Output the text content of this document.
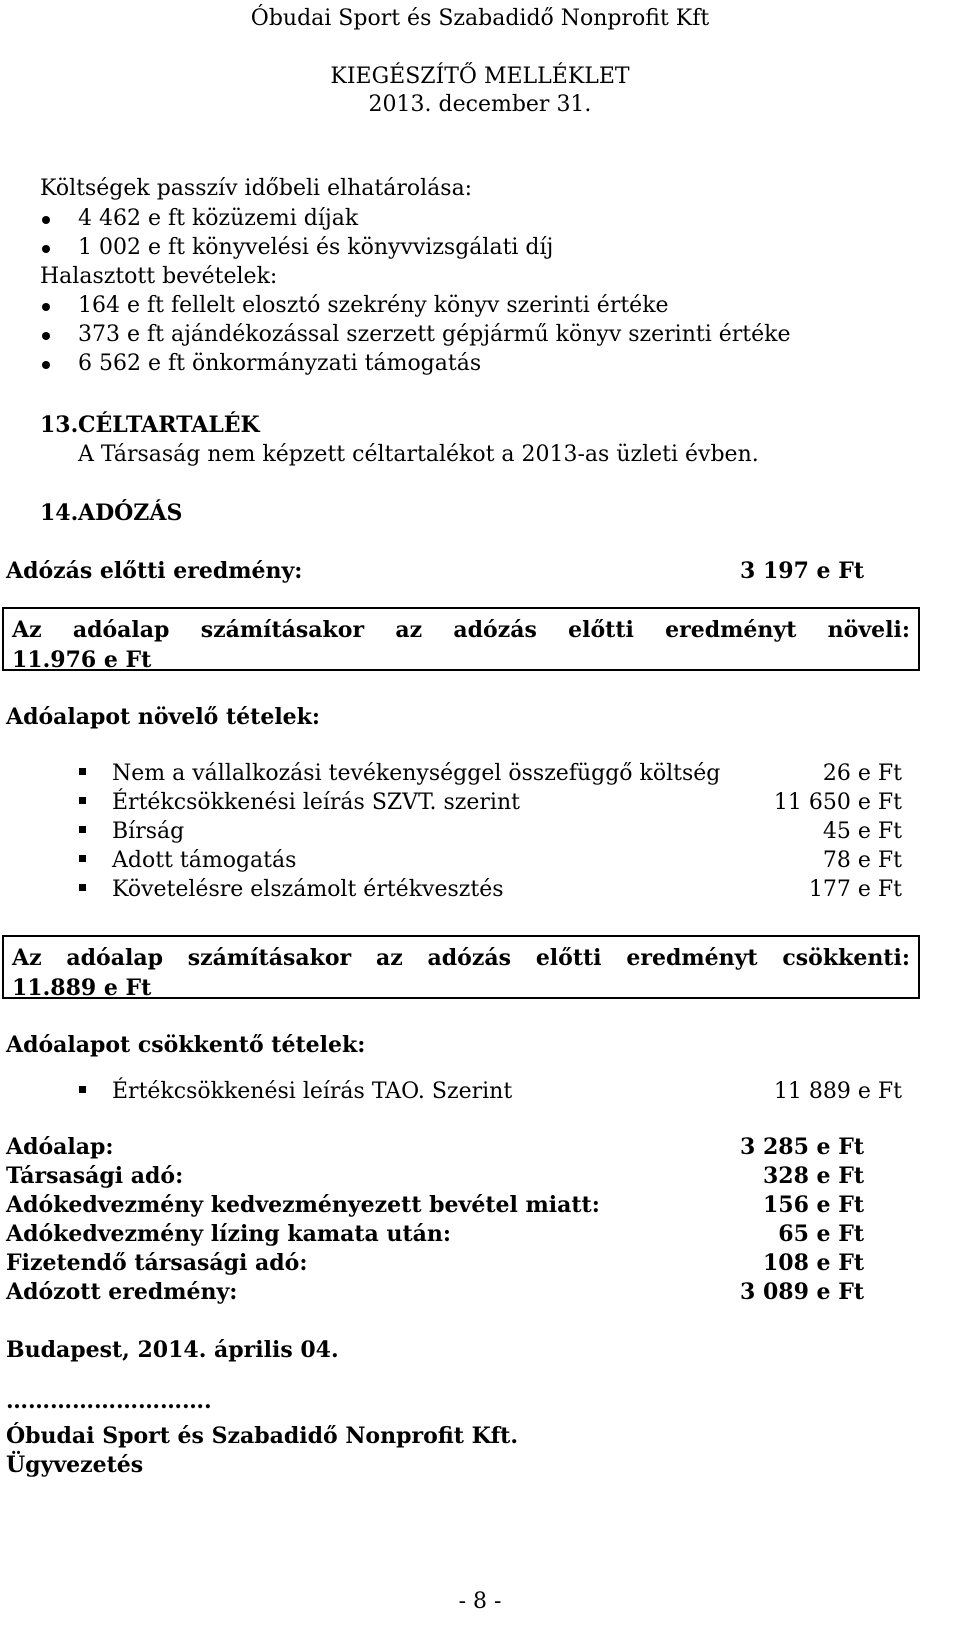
Óbudai Sport és Szabadidő Nonprofit Kft
KIEGÉSZÍTŐ MELLÉKLET
2013. december 31.
Költségek passzív időbeli elhatárolása:
4 462 e ft közüzemi díjak
1 002 e ft könyvelési és könyvvizsgálati díj
Halasztott bevételek:
164 e ft fellelt elosztó szekrény könyv szerinti értéke
373 e ft ajándékozással szerzett gépjármű könyv szerinti értéke
6 562 e ft önkormányzati támogatás
13. CÉLTARTALÉK
A Társaság nem képzett céltartalékot a 2013-as üzleti évben.
14. ADÓZÁS
Adózás előtti eredmény:	3 197 e Ft
Az adóalap számításakor az adózás előtti eredményt növeli:
11.976 e Ft
Adóalapot növelő tételek:
Nem a vállalkozási tevékenységgel összefüggő költség	26 e Ft
Értékcsökkenési leírás SZVT. szerint	11 650 e Ft
Bírság	45 e Ft
Adott támogatás	78 e Ft
Követelésre elszámolt értékvesztés	177 e Ft
Az adóalap számításakor az adózás előtti eredményt csökkenti:
11.889 e Ft
Adóalapot csökkentő tételek:
Értékcsökkenési leírás TAO. Szerint	11 889 e Ft
Adóalap:	3 285 e Ft
Társasági adó:	328 e Ft
Adókedvezmény kedvezményezett bevétel miatt:	156 e Ft
Adókedvezmény lízing kamata után:	65 e Ft
Fizetendő társasági adó:	108 e Ft
Adózott eredmény:	3 089 e Ft
Budapest, 2014. április 04.
……………………….
Óbudai Sport és Szabadidő Nonprofit Kft.
Ügyvezetés
- 8 -
